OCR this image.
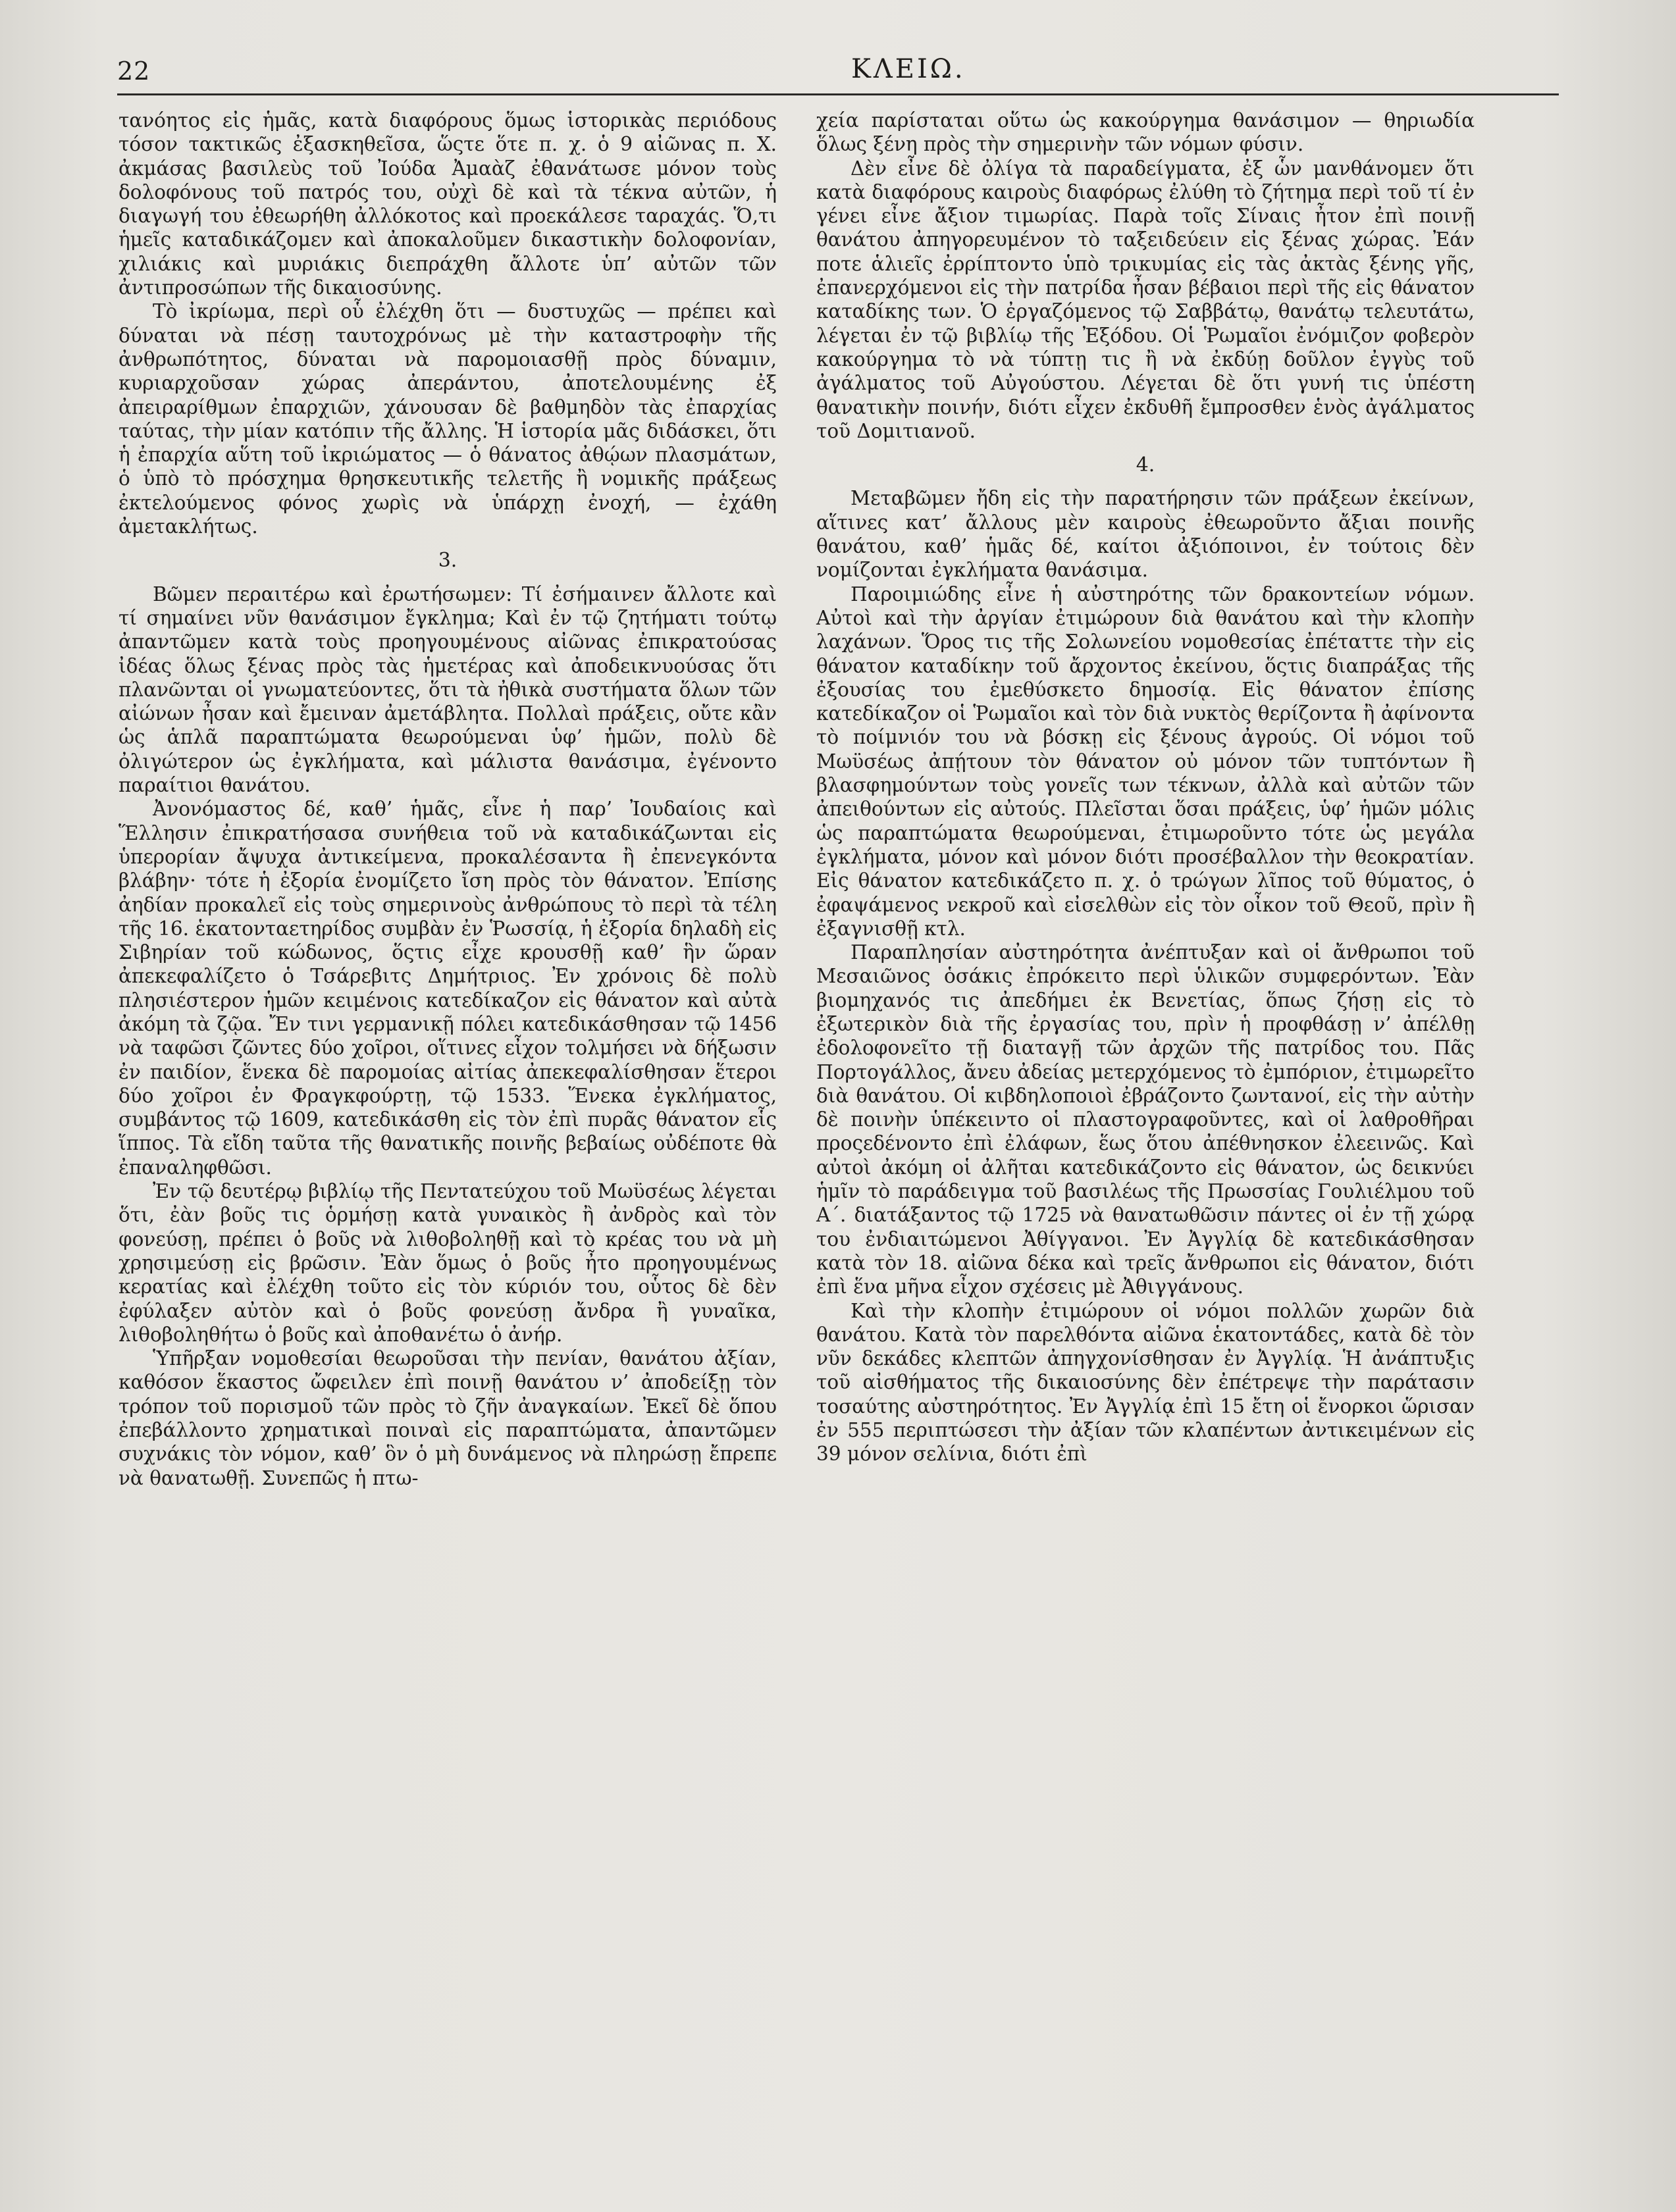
22	ΚΛΕΙΩ.

τανόητος εἰς ἡμᾶς, κατὰ διαφόρους ὅμως ἱστορικὰς περιόδους τόσον τακτικῶς ἐξασκηθεῖσα, ὥςτε ὅτε π. χ. ὁ 9 αἰῶνας π. Χ. ἀκμάσας βασιλεὺς τοῦ Ἰούδα Ἀμαὰζ ἐθανάτωσε μόνον τοὺς δολοφόνους τοῦ πατρός του, οὐχὶ δὲ καὶ τὰ τέκνα αὐτῶν, ἡ διαγωγή του ἐθεωρήθη ἀλλόκοτος καὶ προεκάλεσε ταραχάς. Ὅ,τι ἡμεῖς καταδικάζομεν καὶ ἀποκαλοῦμεν δικαστικὴν δολοφονίαν, χιλιάκις καὶ μυριάκις διεπράχθη ἄλλοτε ὑπ’ αὐτῶν τῶν ἀντιπροσώπων τῆς δικαιοσύνης.

Τὸ ἰκρίωμα, περὶ οὗ ἐλέχθη ὅτι — δυστυχῶς — πρέπει καὶ δύναται νὰ πέσῃ ταυτοχρόνως μὲ τὴν καταστροφὴν τῆς ἀνθρωπότητος, δύναται νὰ παρομοιασθῇ πρὸς δύναμιν, κυριαρχοῦσαν χώρας ἀπεράντου, ἀποτελουμένης ἐξ ἀπειραρίθμων ἐπαρχιῶν, χάνουσαν δὲ βαθμηδὸν τὰς ἐπαρχίας ταύτας, τὴν μίαν κατόπιν τῆς ἄλλης. Ἡ ἱστορία μᾶς διδάσκει, ὅτι ἡ ἐπαρχία αὕτη τοῦ ἰκριώματος — ὁ θάνατος ἀθῴων πλασμάτων, ὁ ὑπὸ τὸ πρόσχημα θρησκευτικῆς τελετῆς ἢ νομικῆς πράξεως ἐκτελούμενος φόνος χωρὶς νὰ ὑπάρχῃ ἐνοχή, — ἐχάθη ἀμετακλήτως.

3.

Βῶμεν περαιτέρω καὶ ἐρωτήσωμεν: Τί ἐσήμαινεν ἄλλοτε καὶ τί σημαίνει νῦν θανάσιμον ἔγκλημα; Καὶ ἐν τῷ ζητήματι τούτῳ ἀπαντῶμεν κατὰ τοὺς προηγουμένους αἰῶνας ἐπικρατούσας ἰδέας ὅλως ξένας πρὸς τὰς ἡμετέρας καὶ ἀποδεικνυούσας ὅτι πλανῶνται οἱ γνωματεύοντες, ὅτι τὰ ἠθικὰ συστήματα ὅλων τῶν αἰώνων ἦσαν καὶ ἔμειναν ἀμετάβλητα. Πολλαὶ πράξεις, οὔτε κἂν ὡς ἁπλᾶ παραπτώματα θεωρούμεναι ὑφ’ ἡμῶν, πολὺ δὲ ὀλιγώτερον ὡς ἐγκλήματα, καὶ μάλιστα θανάσιμα, ἐγένοντο παραίτιοι θανάτου.

Ἀνονόμαστος δέ, καθ’ ἡμᾶς, εἶνε ἡ παρ’ Ἰουδαίοις καὶ Ἕλλησιν ἐπικρατήσασα συνήθεια τοῦ νὰ καταδικάζωνται εἰς ὑπερορίαν ἄψυχα ἀντικείμενα, προκαλέσαντα ἢ ἐπενεγκόντα βλάβην· τότε ἡ ἐξορία ἐνομίζετο ἴση πρὸς τὸν θάνατον. Ἐπίσης ἀηδίαν προκαλεῖ εἰς τοὺς σημερινοὺς ἀνθρώπους τὸ περὶ τὰ τέλη τῆς 16. ἑκατονταετηρίδος συμβὰν ἐν Ῥωσσίᾳ, ἡ ἐξορία δηλαδὴ εἰς Σιβηρίαν τοῦ κώδωνος, ὅςτις εἶχε κρουσθῇ καθ’ ἣν ὥραν ἀπεκεφαλίζετο ὁ Τσάρεβιτς Δημήτριος. Ἐν χρόνοις δὲ πολὺ πλησιέστερον ἡμῶν κειμένοις κατεδίκαζον εἰς θάνατον καὶ αὐτὰ ἀκόμη τὰ ζῷα. Ἔν τινι γερμανικῇ πόλει κατεδικάσθησαν τῷ 1456 νὰ ταφῶσι ζῶντες δύο χοῖροι, οἵτινες εἶχον τολμήσει νὰ δήξωσιν ἐν παιδίον, ἕνεκα δὲ παρομοίας αἰτίας ἀπεκεφαλίσθησαν ἕτεροι δύο χοῖροι ἐν Φραγκφούρτῃ, τῷ 1533. Ἕνεκα ἐγκλήματος, συμβάντος τῷ 1609, κατεδικάσθη εἰς τὸν ἐπὶ πυρᾶς θάνατον εἷς ἵππος. Τὰ εἴδη ταῦτα τῆς θανατικῆς ποινῆς βεβαίως οὐδέποτε θὰ ἐπαναληφθῶσι.

Ἐν τῷ δευτέρῳ βιβλίῳ τῆς Πεντατεύχου τοῦ Μωϋσέως λέγεται ὅτι, ἐὰν βοῦς τις ὁρμήσῃ κατὰ γυναικὸς ἢ ἀνδρὸς καὶ τὸν φονεύσῃ, πρέπει ὁ βοῦς νὰ λιθοβοληθῇ καὶ τὸ κρέας του νὰ μὴ χρησιμεύσῃ εἰς βρῶσιν. Ἐὰν ὅμως ὁ βοῦς ἦτο προηγουμένως κερατίας καὶ ἐλέχθη τοῦτο εἰς τὸν κύριόν του, οὗτος δὲ δὲν ἐφύλαξεν αὐτὸν καὶ ὁ βοῦς φονεύσῃ ἄνδρα ἢ γυναῖκα, λιθοβοληθήτω ὁ βοῦς καὶ ἀποθανέτω ὁ ἀνήρ.

Ὑπῆρξαν νομοθεσίαι θεωροῦσαι τὴν πενίαν, θανάτου ἀξίαν, καθόσον ἕκαστος ὤφειλεν ἐπὶ ποινῇ θανάτου ν’ ἀποδείξῃ τὸν τρόπον τοῦ πορισμοῦ τῶν πρὸς τὸ ζῆν ἀναγκαίων. Ἐκεῖ δὲ ὅπου ἐπεβάλλοντο χρηματικαὶ ποιναὶ εἰς παραπτώματα, ἀπαντῶμεν συχνάκις τὸν νόμον, καθ’ ὃν ὁ μὴ δυνάμενος νὰ πληρώσῃ ἔπρεπε νὰ θανατωθῇ. Συνεπῶς ἡ πτω-

χεία παρίσταται οὕτω ὡς κακούργημα θανάσιμον — θηριωδία ὅλως ξένη πρὸς τὴν σημερινὴν τῶν νόμων φύσιν.

Δὲν εἶνε δὲ ὀλίγα τὰ παραδείγματα, ἐξ ὧν μανθάνομεν ὅτι κατὰ διαφόρους καιροὺς διαφόρως ἐλύθη τὸ ζήτημα περὶ τοῦ τί ἐν γένει εἶνε ἄξιον τιμωρίας. Παρὰ τοῖς Σίναις ἦτον ἐπὶ ποινῇ θανάτου ἀπηγορευμένον τὸ ταξειδεύειν εἰς ξένας χώρας. Ἐάν ποτε ἁλιεῖς ἐρρίπτοντο ὑπὸ τρικυμίας εἰς τὰς ἀκτὰς ξένης γῆς, ἐπανερχόμενοι εἰς τὴν πατρίδα ἦσαν βέβαιοι περὶ τῆς εἰς θάνατον καταδίκης των. Ὁ ἐργαζόμενος τῷ Σαββάτῳ, θανάτῳ τελευτάτω, λέγεται ἐν τῷ βιβλίῳ τῆς Ἐξόδου. Οἱ Ῥωμαῖοι ἐνόμιζον φοβερὸν κακούργημα τὸ νὰ τύπτῃ τις ἢ νὰ ἐκδύῃ δοῦλον ἐγγὺς τοῦ ἀγάλματος τοῦ Αὐγούστου. Λέγεται δὲ ὅτι γυνή τις ὑπέστη θανατικὴν ποινήν, διότι εἶχεν ἐκδυθῆ ἔμπροσθεν ἑνὸς ἀγάλματος τοῦ Δομιτιανοῦ.

4.

Μεταβῶμεν ἤδη εἰς τὴν παρατήρησιν τῶν πράξεων ἐκείνων, αἵτινες κατ’ ἄλλους μὲν καιροὺς ἐθεωροῦντο ἄξιαι ποινῆς θανάτου, καθ’ ἡμᾶς δέ, καίτοι ἀξιόποινοι, ἐν τούτοις δὲν νομίζονται ἐγκλήματα θανάσιμα.

Παροιμιώδης εἶνε ἡ αὐστηρότης τῶν δρακοντείων νόμων. Αὐτοὶ καὶ τὴν ἀργίαν ἐτιμώρουν διὰ θανάτου καὶ τὴν κλοπὴν λαχάνων. Ὅρος τις τῆς Σολωνείου νομοθεσίας ἐπέταττε τὴν εἰς θάνατον καταδίκην τοῦ ἄρχοντος ἐκείνου, ὅςτις διαπράξας τῆς ἐξουσίας του ἐμεθύσκετο δημοσίᾳ. Εἰς θάνατον ἐπίσης κατεδίκαζον οἱ Ῥωμαῖοι καὶ τὸν διὰ νυκτὸς θερίζοντα ἢ ἀφίνοντα τὸ ποίμνιόν του νὰ βόσκῃ εἰς ξένους ἀγρούς. Οἱ νόμοι τοῦ Μωϋσέως ἀπῄτουν τὸν θάνατον οὐ μόνον τῶν τυπτόντων ἢ βλασφημούντων τοὺς γονεῖς των τέκνων, ἀλλὰ καὶ αὐτῶν τῶν ἀπειθούντων εἰς αὐτούς. Πλεῖσται ὅσαι πράξεις, ὑφ’ ἡμῶν μόλις ὡς παραπτώματα θεωρούμεναι, ἐτιμωροῦντο τότε ὡς μεγάλα ἐγκλήματα, μόνον καὶ μόνον διότι προσέβαλλον τὴν θεοκρατίαν. Εἰς θάνατον κατεδικάζετο π. χ. ὁ τρώγων λῖπος τοῦ θύματος, ὁ ἐφαψάμενος νεκροῦ καὶ εἰσελθὼν εἰς τὸν οἶκον τοῦ Θεοῦ, πρὶν ἢ ἐξαγνισθῇ κτλ.

Παραπλησίαν αὐστηρότητα ἀνέπτυξαν καὶ οἱ ἄνθρωποι τοῦ Μεσαιῶνος ὁσάκις ἐπρόκειτο περὶ ὑλικῶν συμφερόντων. Ἐὰν βιομηχανός τις ἀπεδήμει ἐκ Βενετίας, ὅπως ζήσῃ εἰς τὸ ἐξωτερικὸν διὰ τῆς ἐργασίας του, πρὶν ἡ προφθάσῃ ν’ ἀπέλθῃ ἐδολοφονεῖτο τῇ διαταγῇ τῶν ἀρχῶν τῆς πατρίδος του. Πᾶς Πορτογάλλος, ἄνευ ἀδείας μετερχόμενος τὸ ἐμπόριον, ἐτιμωρεῖτο διὰ θανάτου. Οἱ κιβδηλοποιοὶ ἐβράζοντο ζωντανοί, εἰς τὴν αὐτὴν δὲ ποινὴν ὑπέκειντο οἱ πλαστογραφοῦντες, καὶ οἱ λαθροθῆραι προςεδένοντο ἐπὶ ἐλάφων, ἕως ὅτου ἀπέθνησκον ἐλεεινῶς. Καὶ αὐτοὶ ἀκόμη οἱ ἀλῆται κατεδικάζοντο εἰς θάνατον, ὡς δεικνύει ἡμῖν τὸ παράδειγμα τοῦ βασιλέως τῆς Πρωσσίας Γουλιέλμου τοῦ Α΄. διατάξαντος τῷ 1725 νὰ θανατωθῶσιν πάντες οἱ ἐν τῇ χώρᾳ του ἐνδιαιτώμενοι Ἀθίγγανοι. Ἐν Ἀγγλίᾳ δὲ κατεδικάσθησαν κατὰ τὸν 18. αἰῶνα δέκα καὶ τρεῖς ἄνθρωποι εἰς θάνατον, διότι ἐπὶ ἕνα μῆνα εἶχον σχέσεις μὲ Ἀθιγγάνους.

Καὶ τὴν κλοπὴν ἐτιμώρουν οἱ νόμοι πολλῶν χωρῶν διὰ θανάτου. Κατὰ τὸν παρελθόντα αἰῶνα ἑκατοντάδες, κατὰ δὲ τὸν νῦν δεκάδες κλεπτῶν ἀπηγχονίσθησαν ἐν Ἀγγλίᾳ. Ἡ ἀνάπτυξις τοῦ αἰσθήματος τῆς δικαιοσύνης δὲν ἐπέτρεψε τὴν παράτασιν τοσαύτης αὐστηρότητος. Ἐν Ἀγγλίᾳ ἐπὶ 15 ἔτη οἱ ἔνορκοι ὥρισαν ἐν 555 περιπτώσεσι τὴν ἀξίαν τῶν κλαπέντων ἀντικειμένων εἰς 39 μόνον σελίνια, διότι ἐπὶ
